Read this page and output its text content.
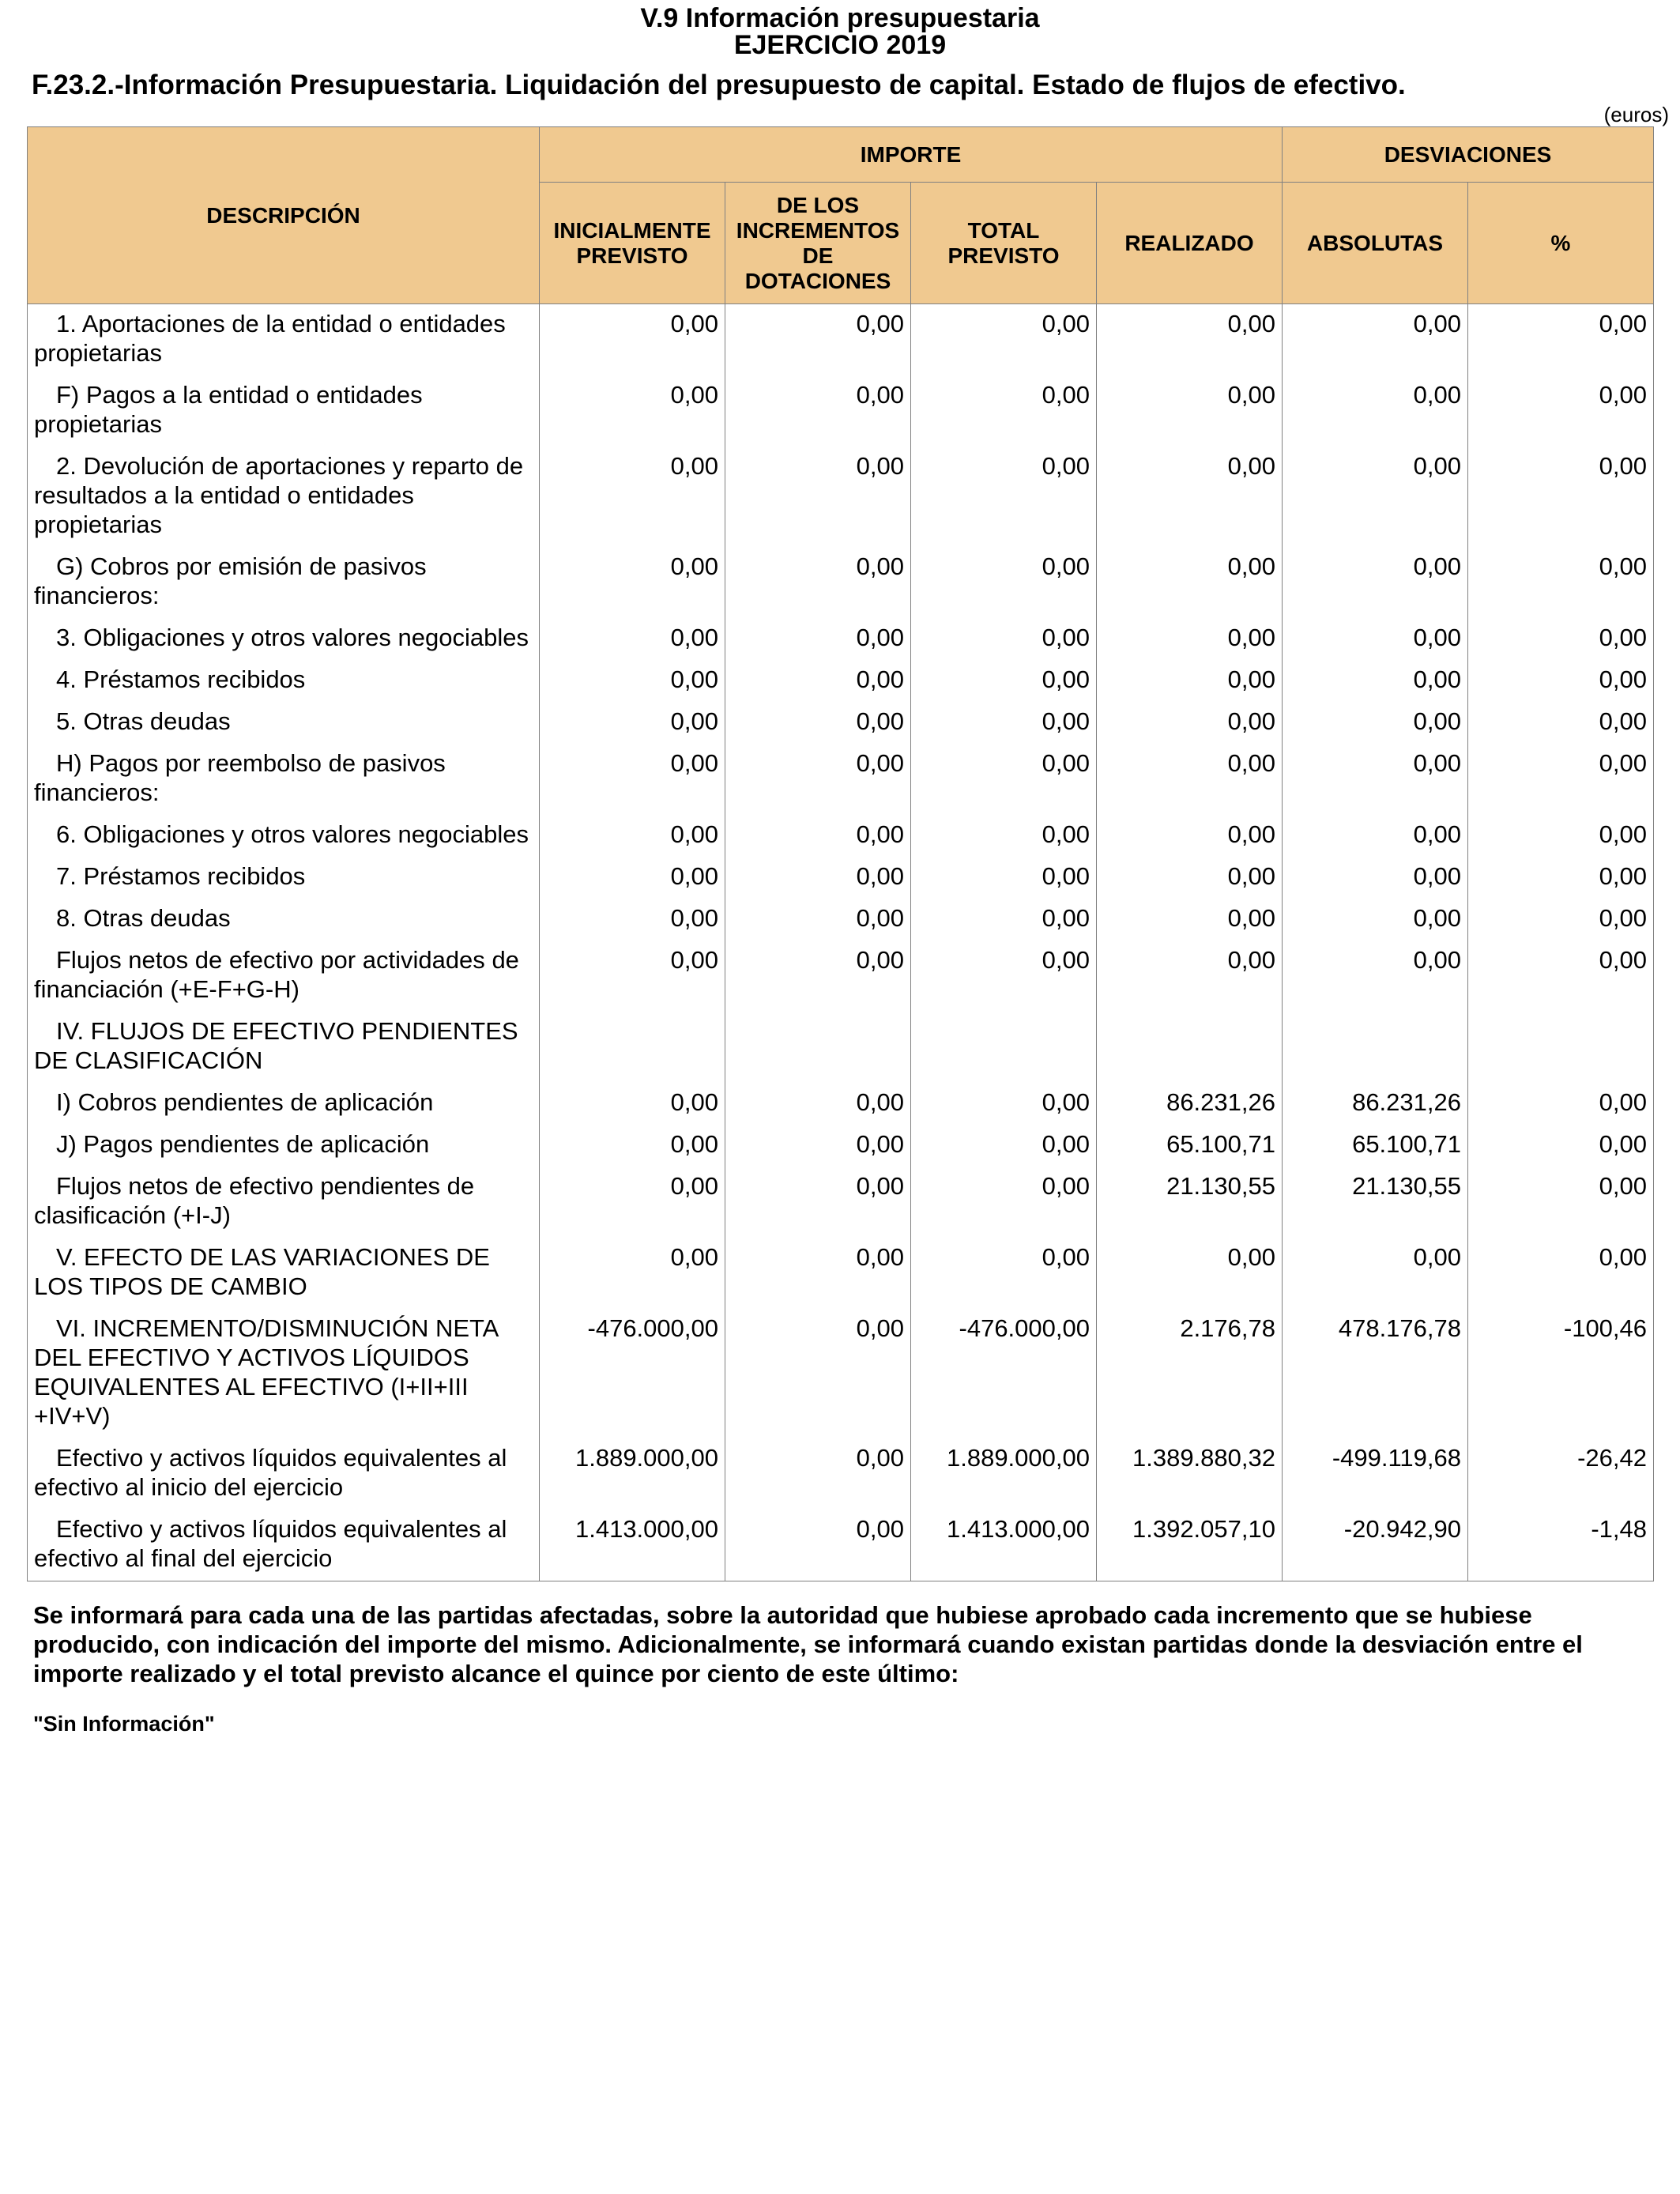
V.9 Información presupuestaria

EJERCICIO 2019

F.23.2.-Información Presupuestaria. Liquidación del presupuesto de capital. Estado de flujos de efectivo.

(euros)

DESCRIPCIÓN	IMPORTE				DESVIACIONES	
	INICIALMENTE PREVISTO	DE LOS INCREMENTOS DE DOTACIONES	TOTAL PREVISTO	REALIZADO	ABSOLUTAS	%
1. Aportaciones de la entidad o entidades propietarias	0,00	0,00	0,00	0,00	0,00	0,00
F) Pagos a la entidad o entidades propietarias	0,00	0,00	0,00	0,00	0,00	0,00
2. Devolución de aportaciones y reparto de resultados a la entidad o entidades propietarias	0,00	0,00	0,00	0,00	0,00	0,00
G) Cobros por emisión de pasivos financieros:	0,00	0,00	0,00	0,00	0,00	0,00
3. Obligaciones y otros valores negociables	0,00	0,00	0,00	0,00	0,00	0,00
4. Préstamos recibidos	0,00	0,00	0,00	0,00	0,00	0,00
5. Otras deudas	0,00	0,00	0,00	0,00	0,00	0,00
H) Pagos por reembolso de pasivos financieros:	0,00	0,00	0,00	0,00	0,00	0,00
6. Obligaciones y otros valores negociables	0,00	0,00	0,00	0,00	0,00	0,00
7. Préstamos recibidos	0,00	0,00	0,00	0,00	0,00	0,00
8. Otras deudas	0,00	0,00	0,00	0,00	0,00	0,00
Flujos netos de efectivo por actividades de financiación (+E-F+G-H)	0,00	0,00	0,00	0,00	0,00	0,00
IV. FLUJOS DE EFECTIVO PENDIENTES DE CLASIFICACIÓN						
I) Cobros pendientes de aplicación	0,00	0,00	0,00	86.231,26	86.231,26	0,00
J) Pagos pendientes de aplicación	0,00	0,00	0,00	65.100,71	65.100,71	0,00
Flujos netos de efectivo pendientes de clasificación (+I-J)	0,00	0,00	0,00	21.130,55	21.130,55	0,00
V. EFECTO DE LAS VARIACIONES DE LOS TIPOS DE CAMBIO	0,00	0,00	0,00	0,00	0,00	0,00
VI. INCREMENTO/DISMINUCIÓN NETA DEL EFECTIVO Y ACTIVOS LÍQUIDOS EQUIVALENTES AL EFECTIVO (I+II+III +IV+V)	-476.000,00	0,00	-476.000,00	2.176,78	478.176,78	-100,46
Efectivo y activos líquidos equivalentes al efectivo al inicio del ejercicio	1.889.000,00	0,00	1.889.000,00	1.389.880,32	-499.119,68	-26,42
Efectivo y activos líquidos equivalentes al efectivo al final del ejercicio	1.413.000,00	0,00	1.413.000,00	1.392.057,10	-20.942,90	-1,48

Se informará para cada una de las partidas afectadas, sobre la autoridad que hubiese aprobado cada incremento que se hubiese producido, con indicación del importe del mismo. Adicionalmente, se informará cuando existan partidas donde la desviación entre el importe realizado y el total previsto alcance el quince por ciento de este último:

"Sin Información"
